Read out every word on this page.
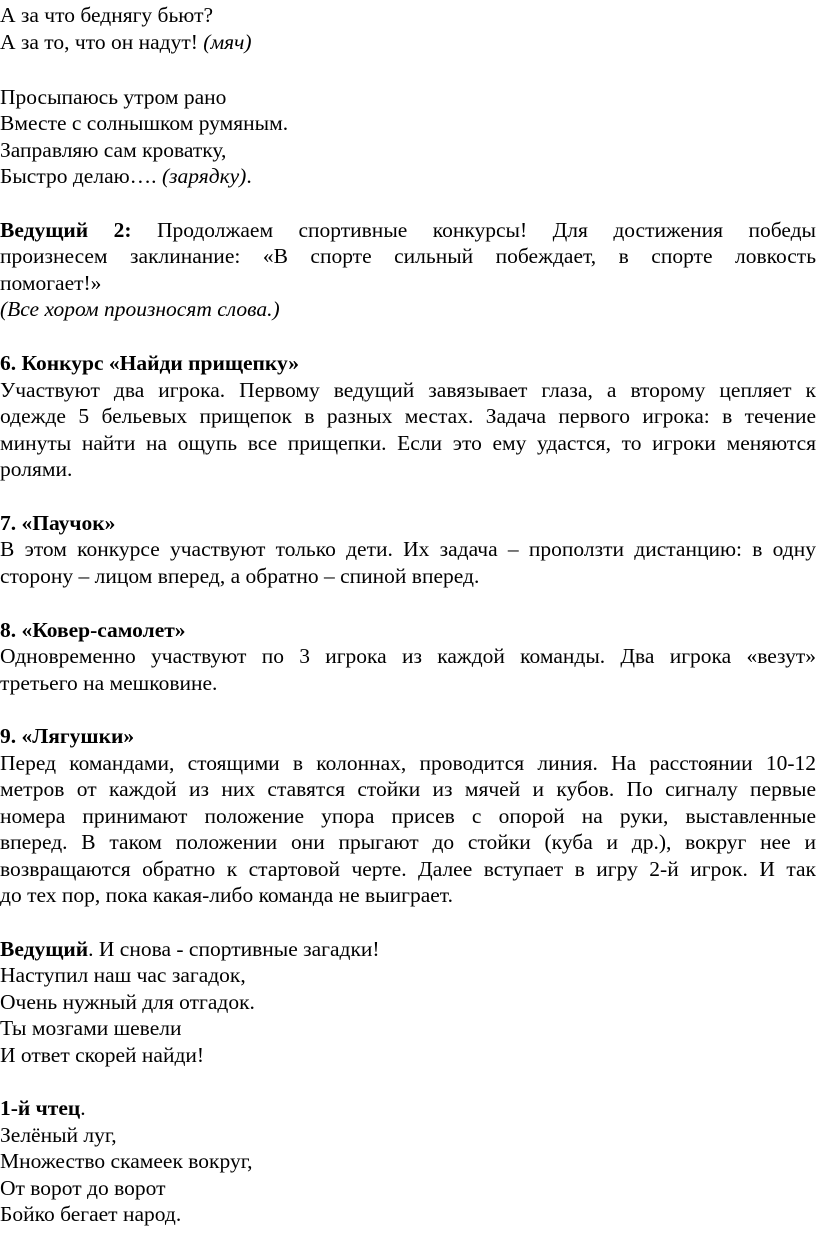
А за что беднягу бьют?
А за то, что он надут! (мяч)
Просыпаюсь утром рано
Вместе с солнышком румяным.
Заправляю сам кроватку,
Быстро делаю…. (зарядку).
Ведущий 2: Продолжаем спортивные конкурсы! Для достижения победы
произнесем заклинание: «В спорте сильный побеждает, в спорте ловкость
помогает!»
(Все хором произносят слова.)
6. Конкурс «Найди прищепку»
Участвуют два игрока. Первому ведущий завязывает глаза, а второму цепляет к
одежде 5 бельевых прищепок в разных местах. Задача первого игрока: в течение
минуты найти на ощупь все прищепки. Если это ему удастся, то игроки меняются
ролями.
7. «Паучок»
В этом конкурсе участвуют только дети. Их задача – проползти дистанцию: в одну
сторону – лицом вперед, а обратно – спиной вперед.
8. «Ковер-самолет»
Одновременно участвуют по 3 игрока из каждой команды. Два игрока «везут»
третьего на мешковине.
9. «Лягушки»
Перед командами, стоящими в колоннах, проводится линия. На расстоянии 10-12
метров от каждой из них ставятся стойки из мячей и кубов. По сигналу первые
номера принимают положение упора присев с опорой на руки, выставленные
вперед. В таком положении они прыгают до стойки (куба и др.), вокруг нее и
возвращаются обратно к стартовой черте. Далее вступает в игру 2-й игрок. И так
до тех пор, пока какая-либо команда не выиграет.
Ведущий. И снова - спортивные загадки!
Наступил наш час загадок,
Очень нужный для отгадок.
Ты мозгами шевели
И ответ скорей найди!
1-й чтец.
Зелёный луг,
Множество скамеек вокруг,
От ворот до ворот
Бойко бегает народ.
